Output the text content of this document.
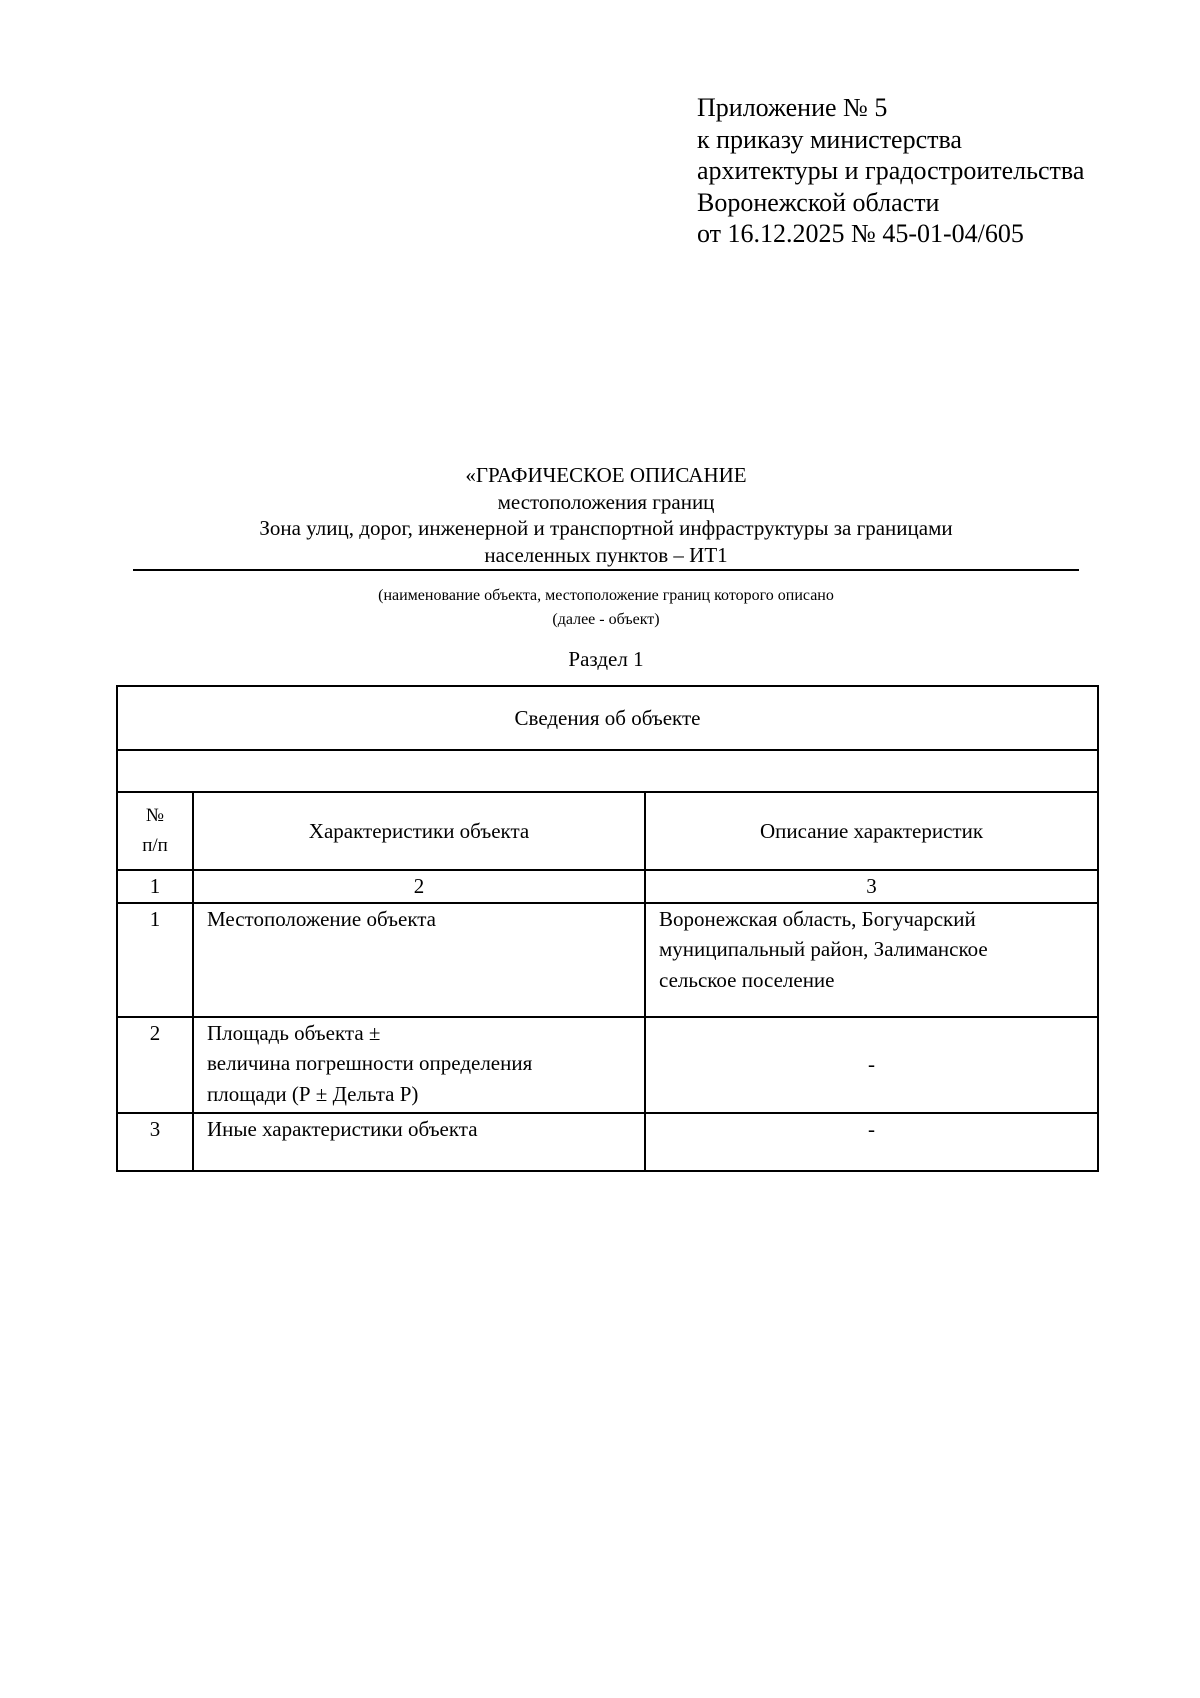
Приложение № 5
к приказу министерства
архитектуры и градостроительства
Воронежской области
от 16.12.2025 № 45-01-04/605
«ГРАФИЧЕСКОЕ ОПИСАНИЕ
местоположения границ
Зона улиц, дорог, инженерной и транспортной инфраструктуры за границами
населенных пунктов – ИТ1
(наименование объекта, местоположение границ которого описано
(далее - объект)
Раздел 1
Сведения об объекте		

№
п/п	Характеристики объекта	Описание характеристик
1	2	3
1	Местоположение объекта	Воронежская область, Богучарский
муниципальный район, Залиманское
сельское поселение

2	Площадь объекта ±
величина погрешности определения
площади (Р ± Дельта Р)	-
3	Иные характеристики объекта	-
